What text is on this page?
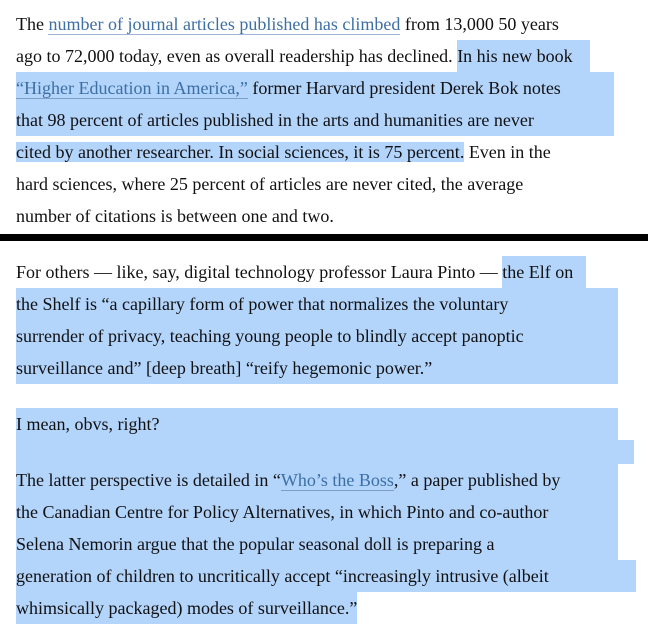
The number of journal articles published has climbed from 13,000 50 years
ago to 72,000 today, even as overall readership has declined. In his new book
“Higher Education in America,” former Harvard president Derek Bok notes
that 98 percent of articles published in the arts and humanities are never
cited by another researcher. In social sciences, it is 75 percent. Even in the
hard sciences, where 25 percent of articles are never cited, the average
number of citations is between one and two.
For others — like, say, digital technology professor Laura Pinto — the Elf on
the Shelf is “a capillary form of power that normalizes the voluntary
surrender of privacy, teaching young people to blindly accept panoptic
surveillance and” [deep breath] “reify hegemonic power.”
I mean, obvs, right?
The latter perspective is detailed in “Who’s the Boss,” a paper published by
the Canadian Centre for Policy Alternatives, in which Pinto and co-author
Selena Nemorin argue that the popular seasonal doll is preparing a
generation of children to uncritically accept “increasingly intrusive (albeit
whimsically packaged) modes of surveillance.”
